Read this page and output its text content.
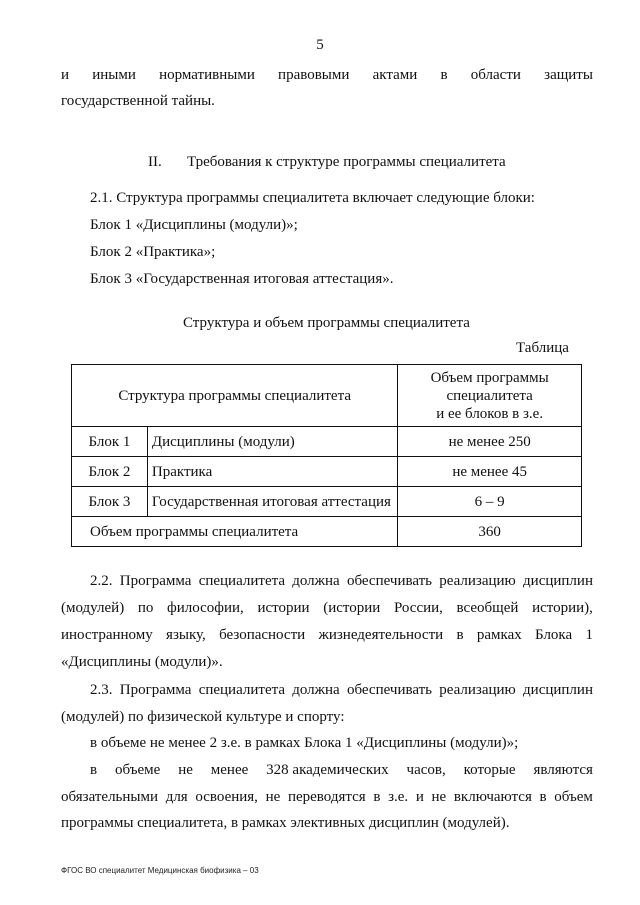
5
и иными нормативными правовыми актами в области защиты
государственной тайны.
II. Требования к структуре программы специалитета
2.1. Структура программы специалитета включает следующие блоки:
Блок 1 «Дисциплины (модули)»;
Блок 2 «Практика»;
Блок 3 «Государственная итоговая аттестация».
Структура и объем программы специалитета
Таблица
Структура программы специалитета		Объем программы
специалитета
и ее блоков в з.е.
Блок 1	Дисциплины (модули)	не менее 250
Блок 2	Практика	не менее 45
Блок 3	Государственная итоговая аттестация	6 – 9
Объем программы специалитета		360
2.2. Программа специалитета должна обеспечивать реализацию дисциплин
(модулей) по философии, истории (истории России, всеобщей истории),
иностранному языку, безопасности жизнедеятельности в рамках Блока 1
«Дисциплины (модули)».
2.3. Программа специалитета должна обеспечивать реализацию дисциплин
(модулей) по физической культуре и спорту:
в объеме не менее 2 з.е. в рамках Блока 1 «Дисциплины (модули)»;
в объеме не менее 328 академических часов, которые являются
обязательными для освоения, не переводятся в з.е. и не включаются в объем
программы специалитета, в рамках элективных дисциплин (модулей).
ФГОС ВО специалитет Медицинская биофизика – 03
